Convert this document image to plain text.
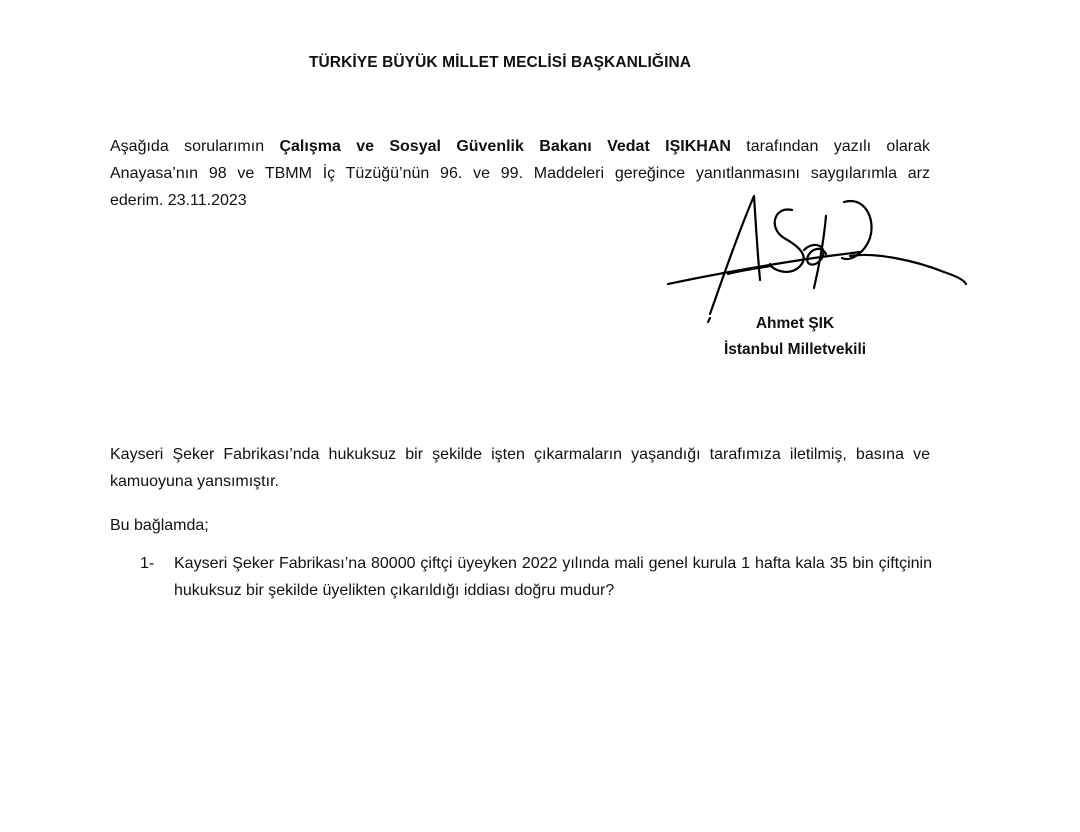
TÜRKİYE BÜYÜK MİLLET MECLİSİ BAŞKANLIĞINA
Aşağıda sorularımın Çalışma ve Sosyal Güvenlik Bakanı Vedat IŞIKHAN tarafından yazılı olarak
Anayasa’nın 98 ve TBMM İç Tüzüğü’nün 96. ve 99. Maddeleri gereğince yanıtlanmasını saygılarımla arz
ederim. 23.11.2023
Ahmet ŞIK
İstanbul Milletvekili
Kayseri Şeker Fabrikası’nda hukuksuz bir şekilde işten çıkarmaların yaşandığı tarafımıza iletilmiş, basına ve kamuoyuna yansımıştır.
Bu bağlamda;
1-	Kayseri Şeker Fabrikası’na 80000 çiftçi üyeyken 2022 yılında mali genel kurula 1 hafta kala 35 bin çiftçinin hukuksuz bir şekilde üyelikten çıkarıldığı iddiası doğru mudur?
